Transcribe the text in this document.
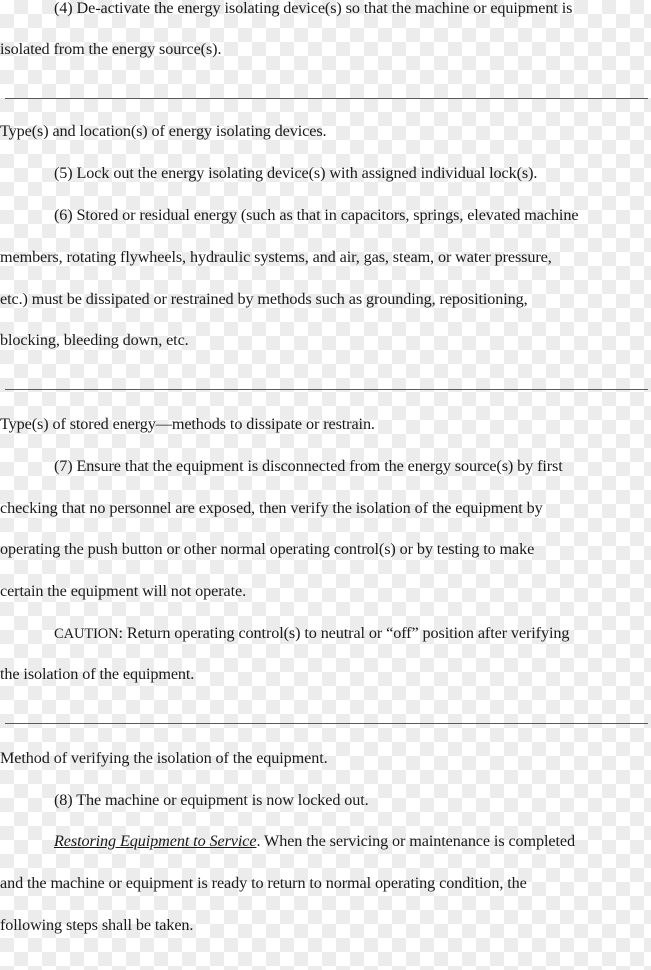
(4) De-activate the energy isolating device(s) so that the machine or equipment is
isolated from the energy source(s).
Type(s) and location(s) of energy isolating devices.
(5) Lock out the energy isolating device(s) with assigned individual lock(s).
(6) Stored or residual energy (such as that in capacitors, springs, elevated machine
members, rotating flywheels, hydraulic systems, and air, gas, steam, or water pressure,
etc.) must be dissipated or restrained by methods such as grounding, repositioning,
blocking, bleeding down, etc.
Type(s) of stored energy—methods to dissipate or restrain.
(7) Ensure that the equipment is disconnected from the energy source(s) by first
checking that no personnel are exposed, then verify the isolation of the equipment by
operating the push button or other normal operating control(s) or by testing to make
certain the equipment will not operate.
CAUTION: Return operating control(s) to neutral or “off” position after verifying
the isolation of the equipment.
Method of verifying the isolation of the equipment.
(8) The machine or equipment is now locked out.
Restoring Equipment to Service. When the servicing or maintenance is completed
and the machine or equipment is ready to return to normal operating condition, the
following steps shall be taken.
